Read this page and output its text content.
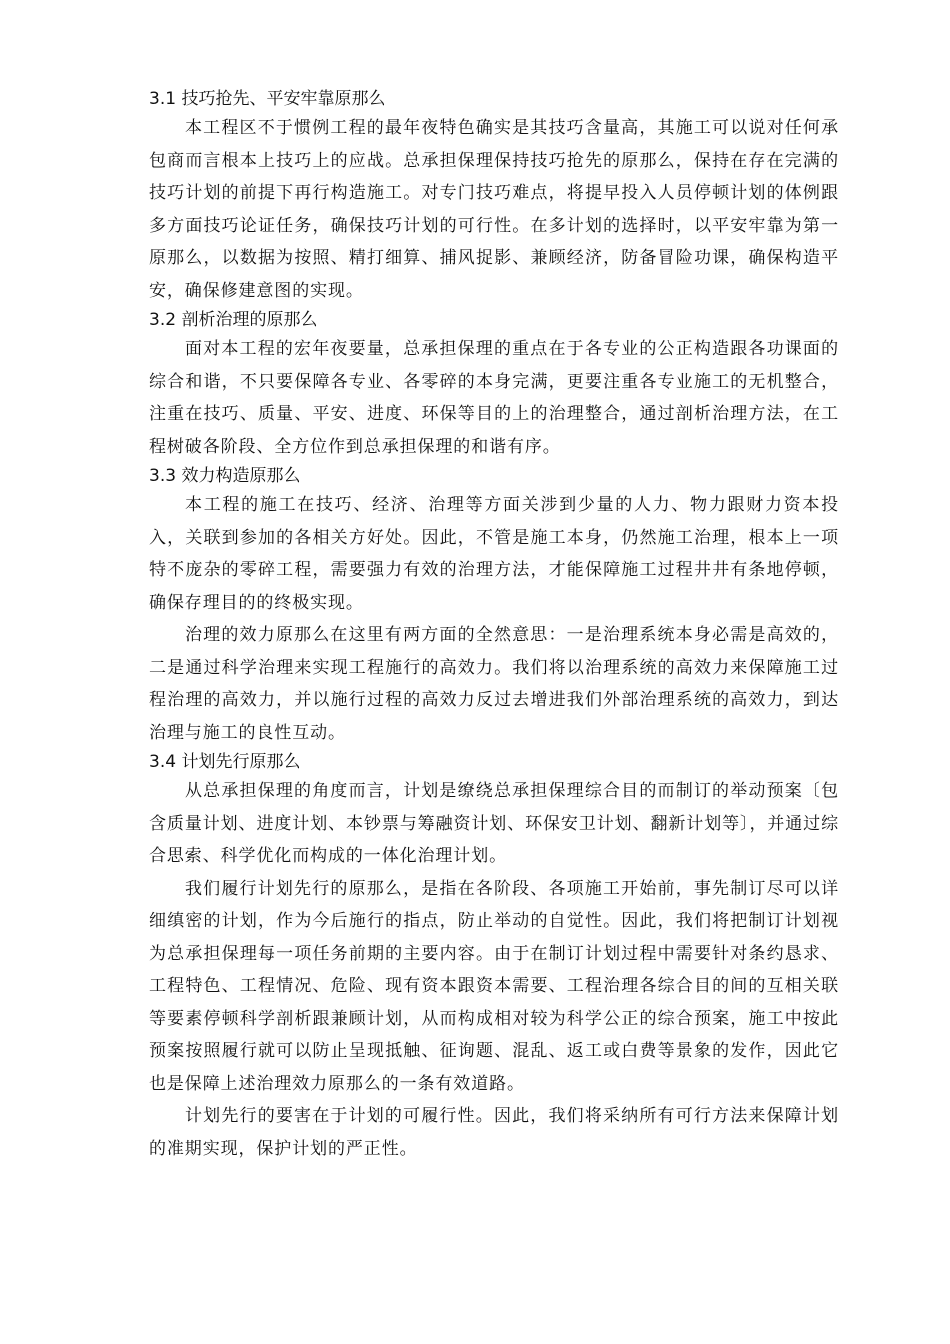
3.1 技巧抢先、平安牢靠原那么

本工程区不于惯例工程的最年夜特色确实是其技巧含量高，其施工可以说对任何承包商而言根本上技巧上的应战。总承担保理保持技巧抢先的原那么，保持在存在完满的技巧计划的前提下再行构造施工。对专门技巧难点，将提早投入人员停顿计划的体例跟多方面技巧论证任务，确保技巧计划的可行性。在多计划的选择时，以平安牢靠为第一原那么，以数据为按照、精打细算、捕风捉影、兼顾经济，防备冒险功课，确保构造平安，确保修建意图的实现。

3.2 剖析治理的原那么

面对本工程的宏年夜要量，总承担保理的重点在于各专业的公正构造跟各功课面的综合和谐，不只要保障各专业、各零碎的本身完满，更要注重各专业施工的无机整合，注重在技巧、质量、平安、进度、环保等目的上的治理整合，通过剖析治理方法，在工程树破各阶段、全方位作到总承担保理的和谐有序。

3.3 效力构造原那么

本工程的施工在技巧、经济、治理等方面关涉到少量的人力、物力跟财力资本投入，关联到参加的各相关方好处。因此，不管是施工本身，仍然施工治理，根本上一项特不庞杂的零碎工程，需要强力有效的治理方法，才能保障施工过程井井有条地停顿，确保存理目的的终极实现。

治理的效力原那么在这里有两方面的全然意思：一是治理系统本身必需是高效的，二是通过科学治理来实现工程施行的高效力。我们将以治理系统的高效力来保障施工过程治理的高效力，并以施行过程的高效力反过去增进我们外部治理系统的高效力，到达治理与施工的良性互动。

3.4 计划先行原那么

从总承担保理的角度而言，计划是缭绕总承担保理综合目的而制订的举动预案〔包含质量计划、进度计划、本钞票与筹融资计划、环保安卫计划、翻新计划等〕，并通过综合思索、科学优化而构成的一体化治理计划。

我们履行计划先行的原那么，是指在各阶段、各项施工开始前，事先制订尽可以详细缜密的计划，作为今后施行的指点，防止举动的自觉性。因此，我们将把制订计划视为总承担保理每一项任务前期的主要内容。由于在制订计划过程中需要针对条约恳求、工程特色、工程情况、危险、现有资本跟资本需要、工程治理各综合目的间的互相关联等要素停顿科学剖析跟兼顾计划，从而构成相对较为科学公正的综合预案，施工中按此预案按照履行就可以防止呈现抵触、征询题、混乱、返工或白费等景象的发作，因此它也是保障上述治理效力原那么的一条有效道路。

计划先行的要害在于计划的可履行性。因此，我们将采纳所有可行方法来保障计划的准期实现，保护计划的严正性。
